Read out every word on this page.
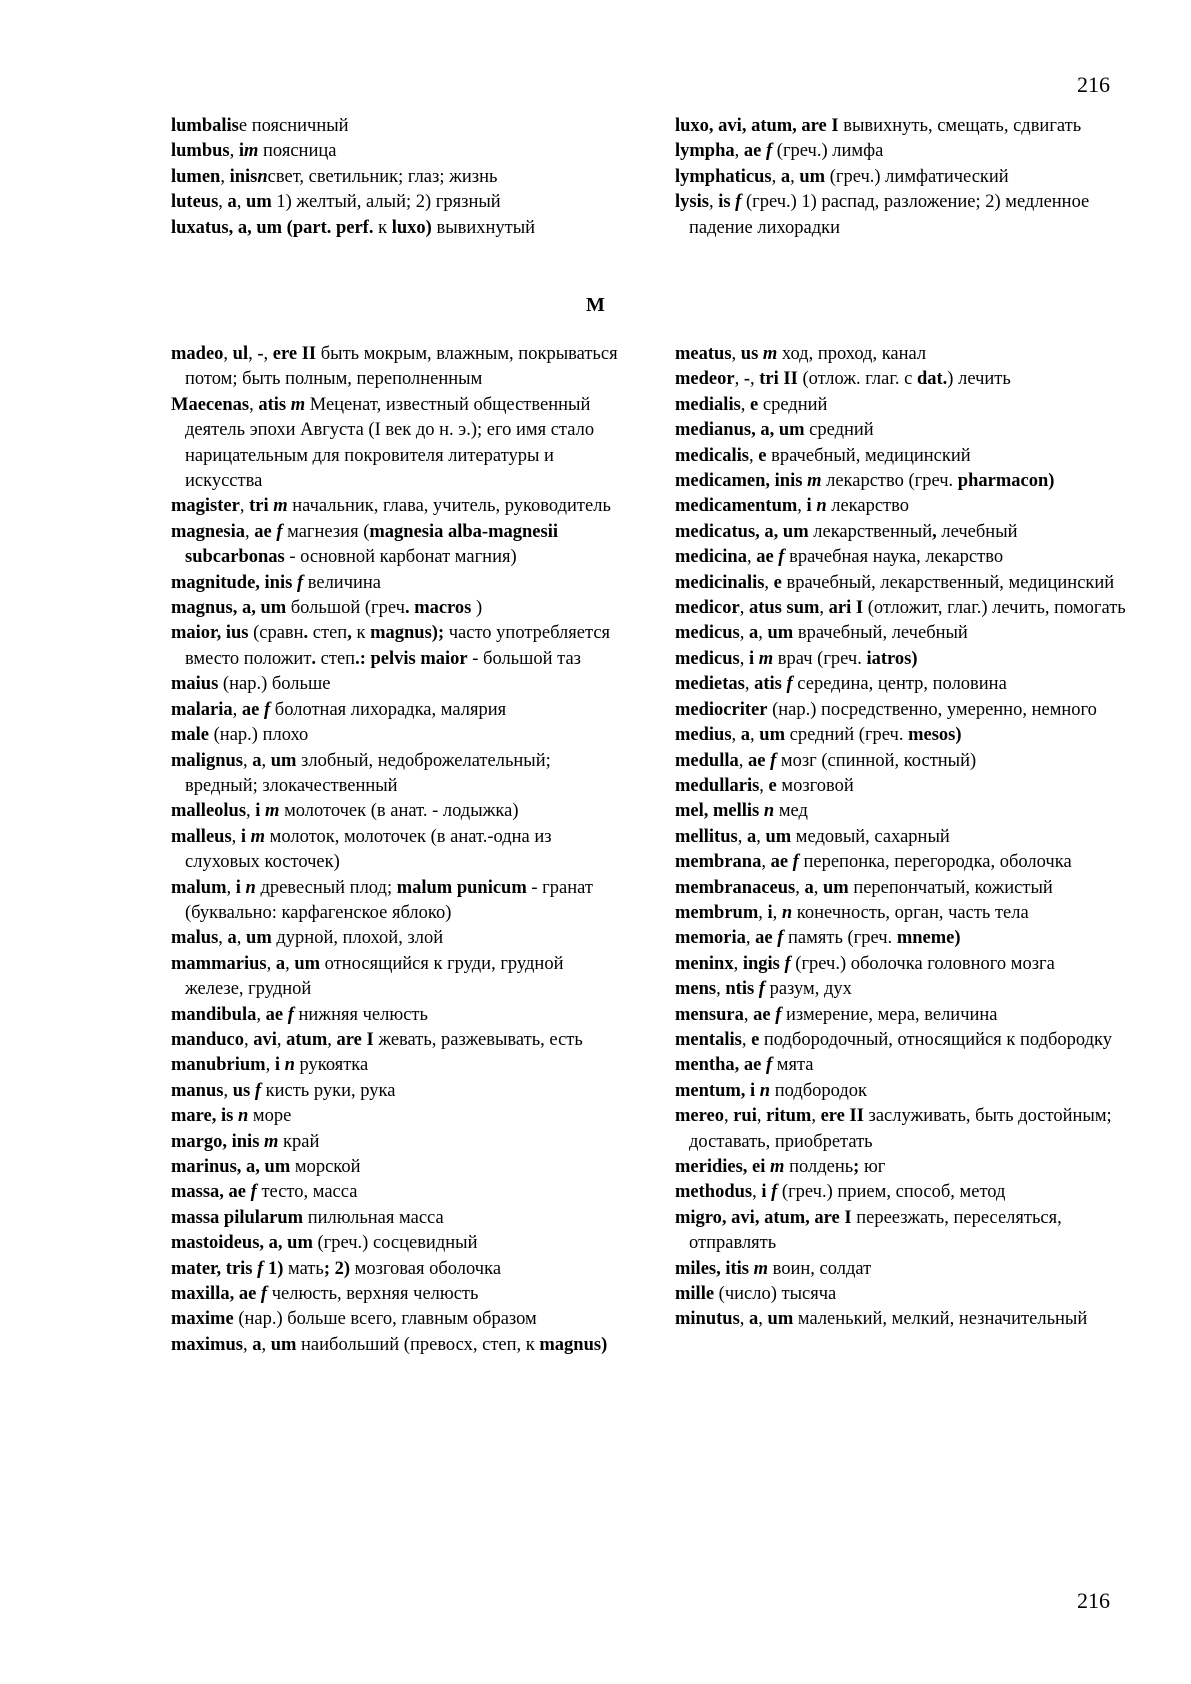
216

lumbalise поясничный

lumbus, im поясница

lumen, inisnсвет, светильник; глаз; жизнь

luteus, a, um 1) желтый, алый; 2) грязный

luxatus, a, um (part. perf. к luxo) вывихнутый

luxo, avi, atum, are I вывихнуть, смещать, сдвигать

lympha, ae f (греч.) лимфа

lymphaticus, a, um (греч.) лимфатический

lysis, is f (греч.) 1) распад, разложение; 2) медленное падение лихорадки

M

madeo, ul, -, ere II быть мокрым, влажным, покрываться потом; быть полным, переполненным

Maecenas, atis m Меценат, известный общественный деятель эпохи Августа (I век до н. э.); его имя стало нарицательным для покровителя литературы и искусства

magister, tri m начальник, глава, учитель, руководитель

magnesia, ae f магнезия (magnesia alba-magnesii subcarbonas - основной карбонат магния)

magnitude, inis f величина

magnus, a, um большой (греч. macros )

maior, ius (сравн. степ, к magnus); часто употребляется вместо положит. степ.: pelvis maior - большой таз

maius (нар.) больше

malaria, ae f болотная лихорадка, малярия

male (нар.) плохо

malignus, a, um злобный, недоброжелательный; вредный; злокачественный

malleolus, i m молоточек (в анат. - лодыжка)

malleus, i m молоток, молоточек (в анат.-одна из слуховых косточек)

malum, i n древесный плод; malum punicum - гранат (буквально: карфагенское яблоко)

malus, a, um дурной, плохой, злой

mammarius, a, um относящийся к груди, грудной железе, грудной

mandibula, ae f нижняя челюсть

manduco, avi, atum, are I жевать, разжевывать, есть

manubrium, i n рукоятка

manus, us f кисть руки, рука

mare, is n море

margo, inis m край

marinus, a, um морской

massa, ae f тесто, масса

massa pilularum пилюльная масса

mastoideus, a, um (греч.) сосцевидный

mater, tris f 1) мать; 2) мозговая оболочка

maxilla, ae f челюсть, верхняя челюсть

maxime (нар.) больше всего, главным образом

maximus, a, um наибольший (превосх, степ, к magnus)

meatus, us m ход, проход, канал

medeor, -, tri II (отлож. глаг. с dat.) лечить

medialis, e средний

medianus, a, um средний

medicalis, e врачебный, медицинский

medicamen, inis m лекарство (греч. pharmacon)

medicamentum, i n лекарство

medicatus, a, um лекарственный, лечебный

medicina, ae f врачебная наука, лекарство

medicinalis, e врачебный, лекарственный, медицинский

medicor, atus sum, ari I (отложит, глаг.) лечить, помогать

medicus, a, um врачебный, лечебный

medicus, i m врач (греч. iatros)

medietas, atis f середина, центр, половина

mediocriter (нар.) посредственно, умеренно, немного

medius, a, um средний (греч. mesos)

medulla, ae f мозг (спинной, костный)

medullaris, e мозговой

mel, mellis n мед

mellitus, a, um медовый, сахарный

membrana, ae f перепонка, перегородка, оболочка

membranaceus, a, um перепончатый, кожистый

membrum, i, n конечность, орган, часть тела

memoria, ae f память (греч. mneme)

meninx, ingis f (греч.) оболочка головного мозга

mens, ntis f разум, дух

mensura, ae f измерение, мера, величина

mentalis, e подбородочный, относящийся к подбородку

mentha, ae f мята

mentum, i n подбородок

mereo, rui, ritum, ere II заслуживать, быть достойным; доставать, приобретать

meridies, ei m полдень; юг

methodus, i f (греч.) прием, способ, метод

migro, avi, atum, are I переезжать, переселяться, отправлять

miles, itis m воин, солдат

mille (число) тысяча

minutus, a, um маленький, мелкий, незначительный

216
